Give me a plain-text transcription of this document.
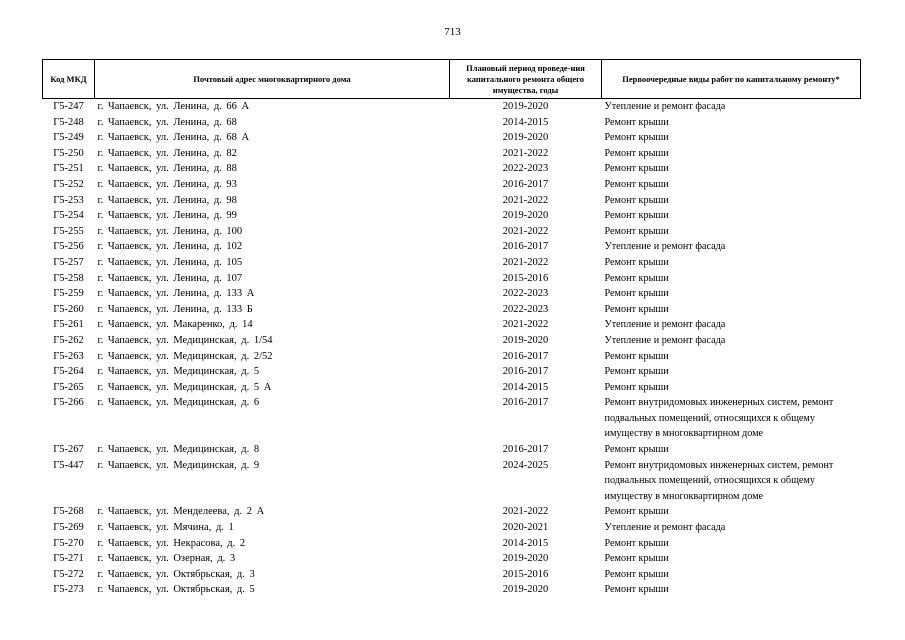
713
Код МКД	Почтовый адрес многоквартирного дома	Плановый период проведе-ния капитального ремонта общего имущества, годы	Первоочередные виды работ по капитальному ремонту*
Г5-247	г. Чапаевск, ул. Ленина, д. 66 А	2019-2020	Утепление и ремонт фасада
Г5-248	г. Чапаевск, ул. Ленина, д. 68	2014-2015	Ремонт крыши
Г5-249	г. Чапаевск, ул. Ленина, д. 68 А	2019-2020	Ремонт крыши
Г5-250	г. Чапаевск, ул. Ленина, д. 82	2021-2022	Ремонт крыши
Г5-251	г. Чапаевск, ул. Ленина, д. 88	2022-2023	Ремонт крыши
Г5-252	г. Чапаевск, ул. Ленина, д. 93	2016-2017	Ремонт крыши
Г5-253	г. Чапаевск, ул. Ленина, д. 98	2021-2022	Ремонт крыши
Г5-254	г. Чапаевск, ул. Ленина, д. 99	2019-2020	Ремонт крыши
Г5-255	г. Чапаевск, ул. Ленина, д. 100	2021-2022	Ремонт крыши
Г5-256	г. Чапаевск, ул. Ленина, д. 102	2016-2017	Утепление и ремонт фасада
Г5-257	г. Чапаевск, ул. Ленина, д. 105	2021-2022	Ремонт крыши
Г5-258	г. Чапаевск, ул. Ленина, д. 107	2015-2016	Ремонт крыши
Г5-259	г. Чапаевск, ул. Ленина, д. 133 А	2022-2023	Ремонт крыши
Г5-260	г. Чапаевск, ул. Ленина, д. 133 Б	2022-2023	Ремонт крыши
Г5-261	г. Чапаевск, ул. Макаренко, д. 14	2021-2022	Утепление и ремонт фасада
Г5-262	г. Чапаевск, ул. Медицинская, д. 1/54	2019-2020	Утепление и ремонт фасада
Г5-263	г. Чапаевск, ул. Медицинская, д. 2/52	2016-2017	Ремонт крыши
Г5-264	г. Чапаевск, ул. Медицинская, д. 5	2016-2017	Ремонт крыши
Г5-265	г. Чапаевск, ул. Медицинская, д. 5 А	2014-2015	Ремонт крыши
Г5-266	г. Чапаевск, ул. Медицинская, д. 6	2016-2017	Ремонт внутридомовых инженерных систем, ремонт подвальных помещений, относящихся к общему имуществу в многоквартирном доме
Г5-267	г. Чапаевск, ул. Медицинская, д. 8	2016-2017	Ремонт крыши
Г5-447	г. Чапаевск, ул. Медицинская, д. 9	2024-2025	Ремонт внутридомовых инженерных систем, ремонт подвальных помещений, относящихся к общему имуществу в многоквартирном доме
Г5-268	г. Чапаевск, ул. Менделеева, д. 2 А	2021-2022	Ремонт крыши
Г5-269	г. Чапаевск, ул. Мячина, д. 1	2020-2021	Утепление и ремонт фасада
Г5-270	г. Чапаевск, ул. Некрасова, д. 2	2014-2015	Ремонт крыши
Г5-271	г. Чапаевск, ул. Озерная, д. 3	2019-2020	Ремонт крыши
Г5-272	г. Чапаевск, ул. Октябрьская, д. 3	2015-2016	Ремонт крыши
Г5-273	г. Чапаевск, ул. Октябрьская, д. 5	2019-2020	Ремонт крыши
